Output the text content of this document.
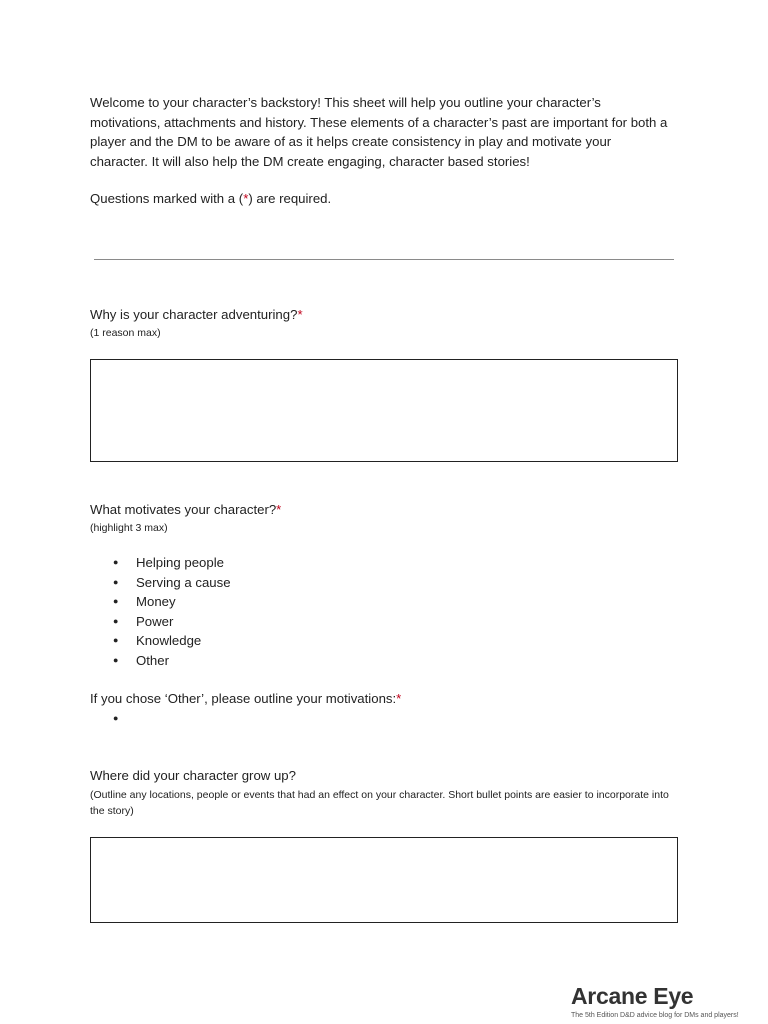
Welcome to your character’s backstory! This sheet will help you outline your character’s motivations, attachments and history. These elements of a character’s past are important for both a player and the DM to be aware of as it helps create consistency in play and motivate your character. It will also help the DM create engaging, character based stories!

Questions marked with a (*) are required.
Why is your character adventuring?*
(1 reason max)
What motivates your character?*
(highlight 3 max)
● Helping people
● Serving a cause
● Money
● Power
● Knowledge
● Other
If you chose ‘Other’, please outline your motivations:*
●
Where did your character grow up?
(Outline any locations, people or events that had an effect on your character. Short bullet points are easier to incorporate into the story)
Arcane Eye
The 5th Edition D&D advice blog for DMs and players!
